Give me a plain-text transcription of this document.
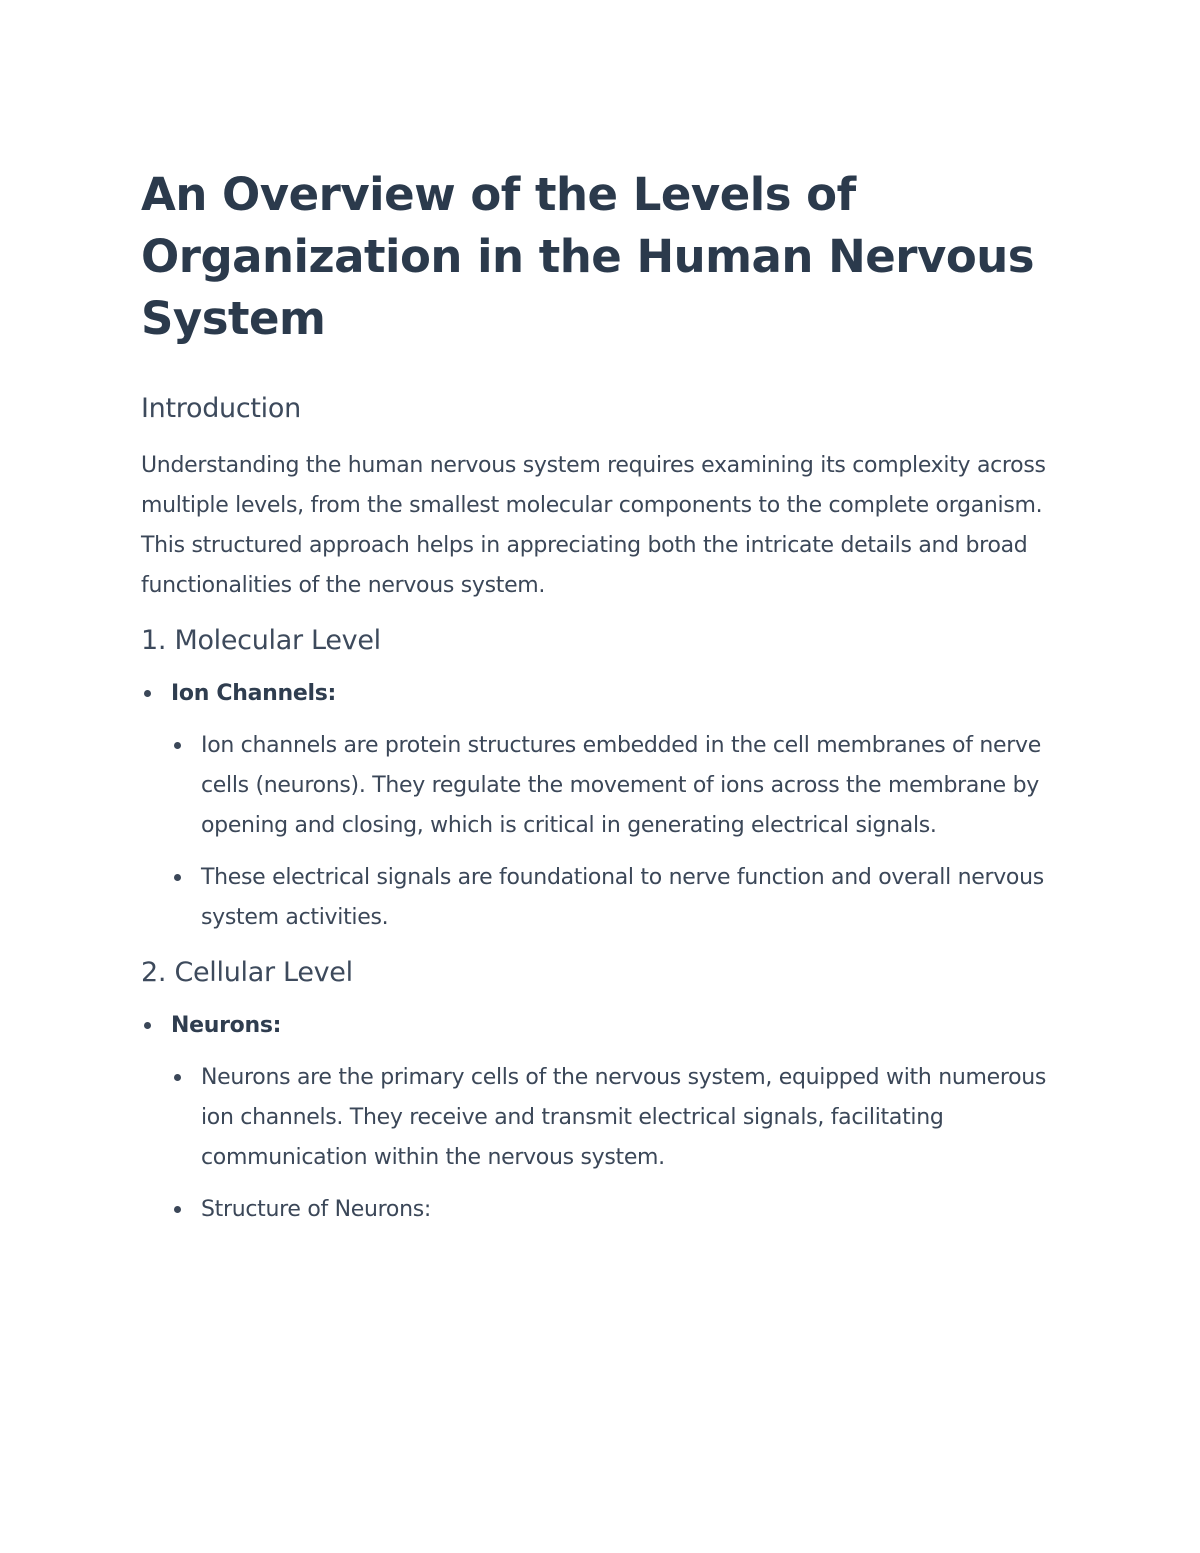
An Overview of the Levels of Organization in the Human Nervous System
Introduction

Understanding the human nervous system requires examining its complexity across multiple levels, from the smallest molecular components to the complete organism. This structured approach helps in appreciating both the intricate details and broad functionalities of the nervous system.

1. Molecular Level
Ion Channels:
Ion channels are protein structures embedded in the cell membranes of nerve cells (neurons). They regulate the movement of ions across the membrane by opening and closing, which is critical in generating electrical signals.
These electrical signals are foundational to nerve function and overall nervous system activities.
2. Cellular Level
Neurons:
Neurons are the primary cells of the nervous system, equipped with numerous ion channels. They receive and transmit electrical signals, facilitating communication within the nervous system.
Structure of Neurons:
